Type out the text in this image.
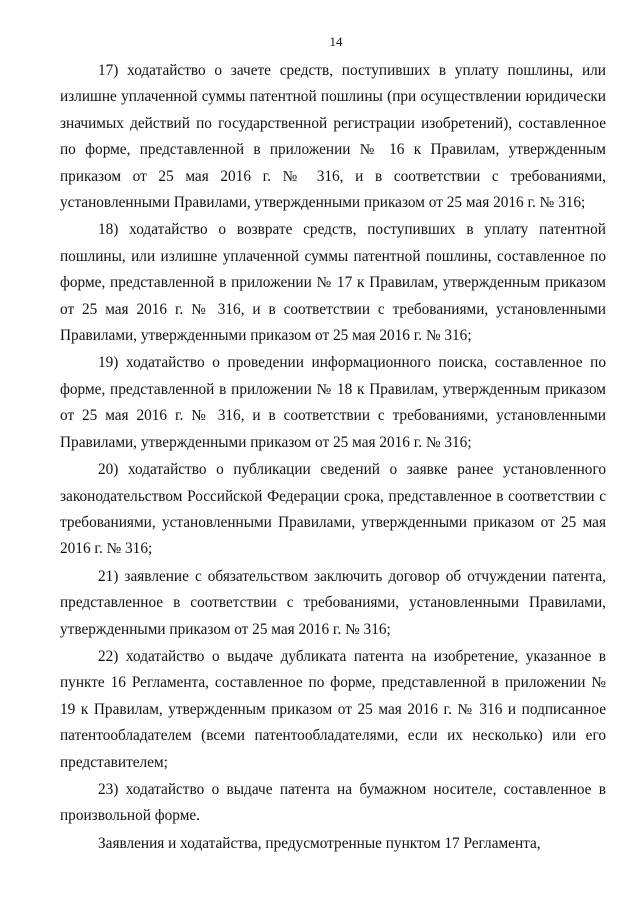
14

17) ходатайство о зачете средств, поступивших в уплату пошлины, или излишне уплаченной суммы патентной пошлины (при осуществлении юридически значимых действий по государственной регистрации изобретений), составленное по форме, представленной в приложении № 16 к Правилам, утвержденным приказом от 25 мая 2016 г. № 316, и в соответствии с требованиями, установленными Правилами, утвержденными приказом от 25 мая 2016 г. № 316;

18) ходатайство о возврате средств, поступивших в уплату патентной пошлины, или излишне уплаченной суммы патентной пошлины, составленное по форме, представленной в приложении № 17 к Правилам, утвержденным приказом от 25 мая 2016 г. № 316, и в соответствии с требованиями, установленными Правилами, утвержденными приказом от 25 мая 2016 г. № 316;

19) ходатайство о проведении информационного поиска, составленное по форме, представленной в приложении № 18 к Правилам, утвержденным приказом от 25 мая 2016 г. № 316, и в соответствии с требованиями, установленными Правилами, утвержденными приказом от 25 мая 2016 г. № 316;

20) ходатайство о публикации сведений о заявке ранее установленного законодательством Российской Федерации срока, представленное в соответствии с требованиями, установленными Правилами, утвержденными приказом от 25 мая 2016 г. № 316;

21) заявление с обязательством заключить договор об отчуждении патента, представленное в соответствии с требованиями, установленными Правилами, утвержденными приказом от 25 мая 2016 г. № 316;

22) ходатайство о выдаче дубликата патента на изобретение, указанное в пункте 16 Регламента, составленное по форме, представленной в приложении № 19 к Правилам, утвержденным приказом от 25 мая 2016 г. № 316 и подписанное патентообладателем (всеми патентообладателями, если их несколько) или его представителем;

23) ходатайство о выдаче патента на бумажном носителе, составленное в произвольной форме.

Заявления и ходатайства, предусмотренные пунктом 17 Регламента,
